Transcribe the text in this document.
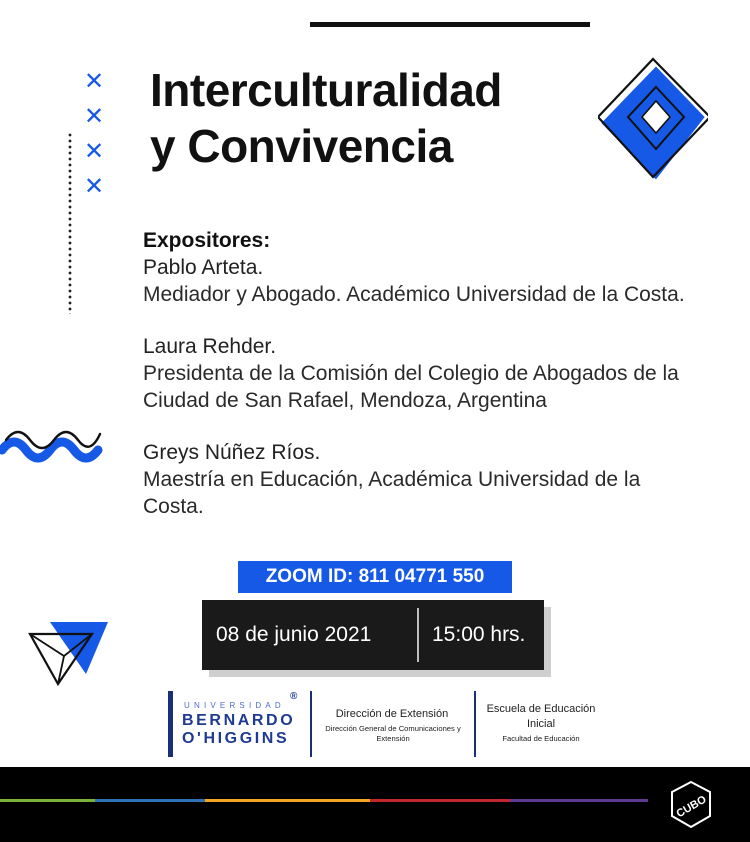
Interculturalidad
y Convivencia
✕
✕
✕
✕

Expositores:

Pablo Arteta.

Mediador y Abogado. Académico Universidad de la Costa.

Laura Rehder.

Presidenta de la Comisión del Colegio de Abogados de la Ciudad de San Rafael, Mendoza, Argentina

Greys Núñez Ríos.

Maestría en Educación, Académica Universidad de la Costa.

ZOOM ID: 811 04771 550
08 de junio 2021	15:00 hrs.
UNIVERSIDAD
BERNARDO
O'HIGGINS
®
Dirección de Extensión
Dirección General de Comunicaciones y Extensión
Escuela de Educación Inicial
Facultad de Educación
CUBO
